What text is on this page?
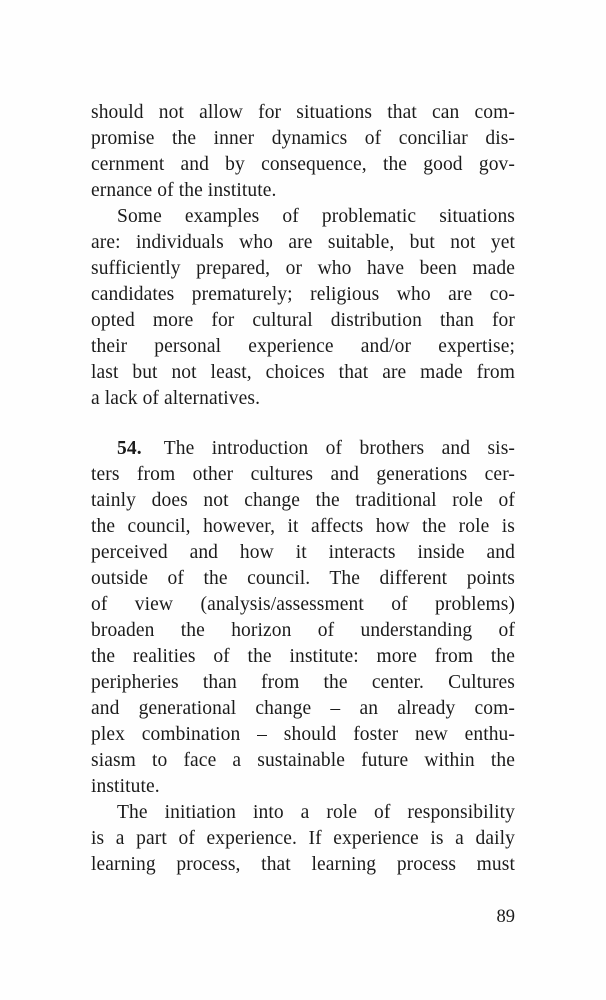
should not allow for situations that can com-
promise the inner dynamics of conciliar dis-
cernment and by consequence, the good gov-
ernance of the institute.
Some examples of problematic situations
are: individuals who are suitable, but not yet
sufficiently prepared, or who have been made
candidates prematurely; religious who are co-
opted more for cultural distribution than for
their personal experience and/or expertise;
last but not least, choices that are made from
a lack of alternatives.
54. The introduction of brothers and sis-
ters from other cultures and generations cer-
tainly does not change the traditional role of
the council, however, it affects how the role is
perceived and how it interacts inside and
outside of the council. The different points
of view (analysis/assessment of problems)
broaden the horizon of understanding of
the realities of the institute: more from the
peripheries than from the center. Cultures
and generational change – an already com-
plex combination – should foster new enthu-
siasm to face a sustainable future within the
institute.
The initiation into a role of responsibility
is a part of experience. If experience is a daily
learning process, that learning process must
89
